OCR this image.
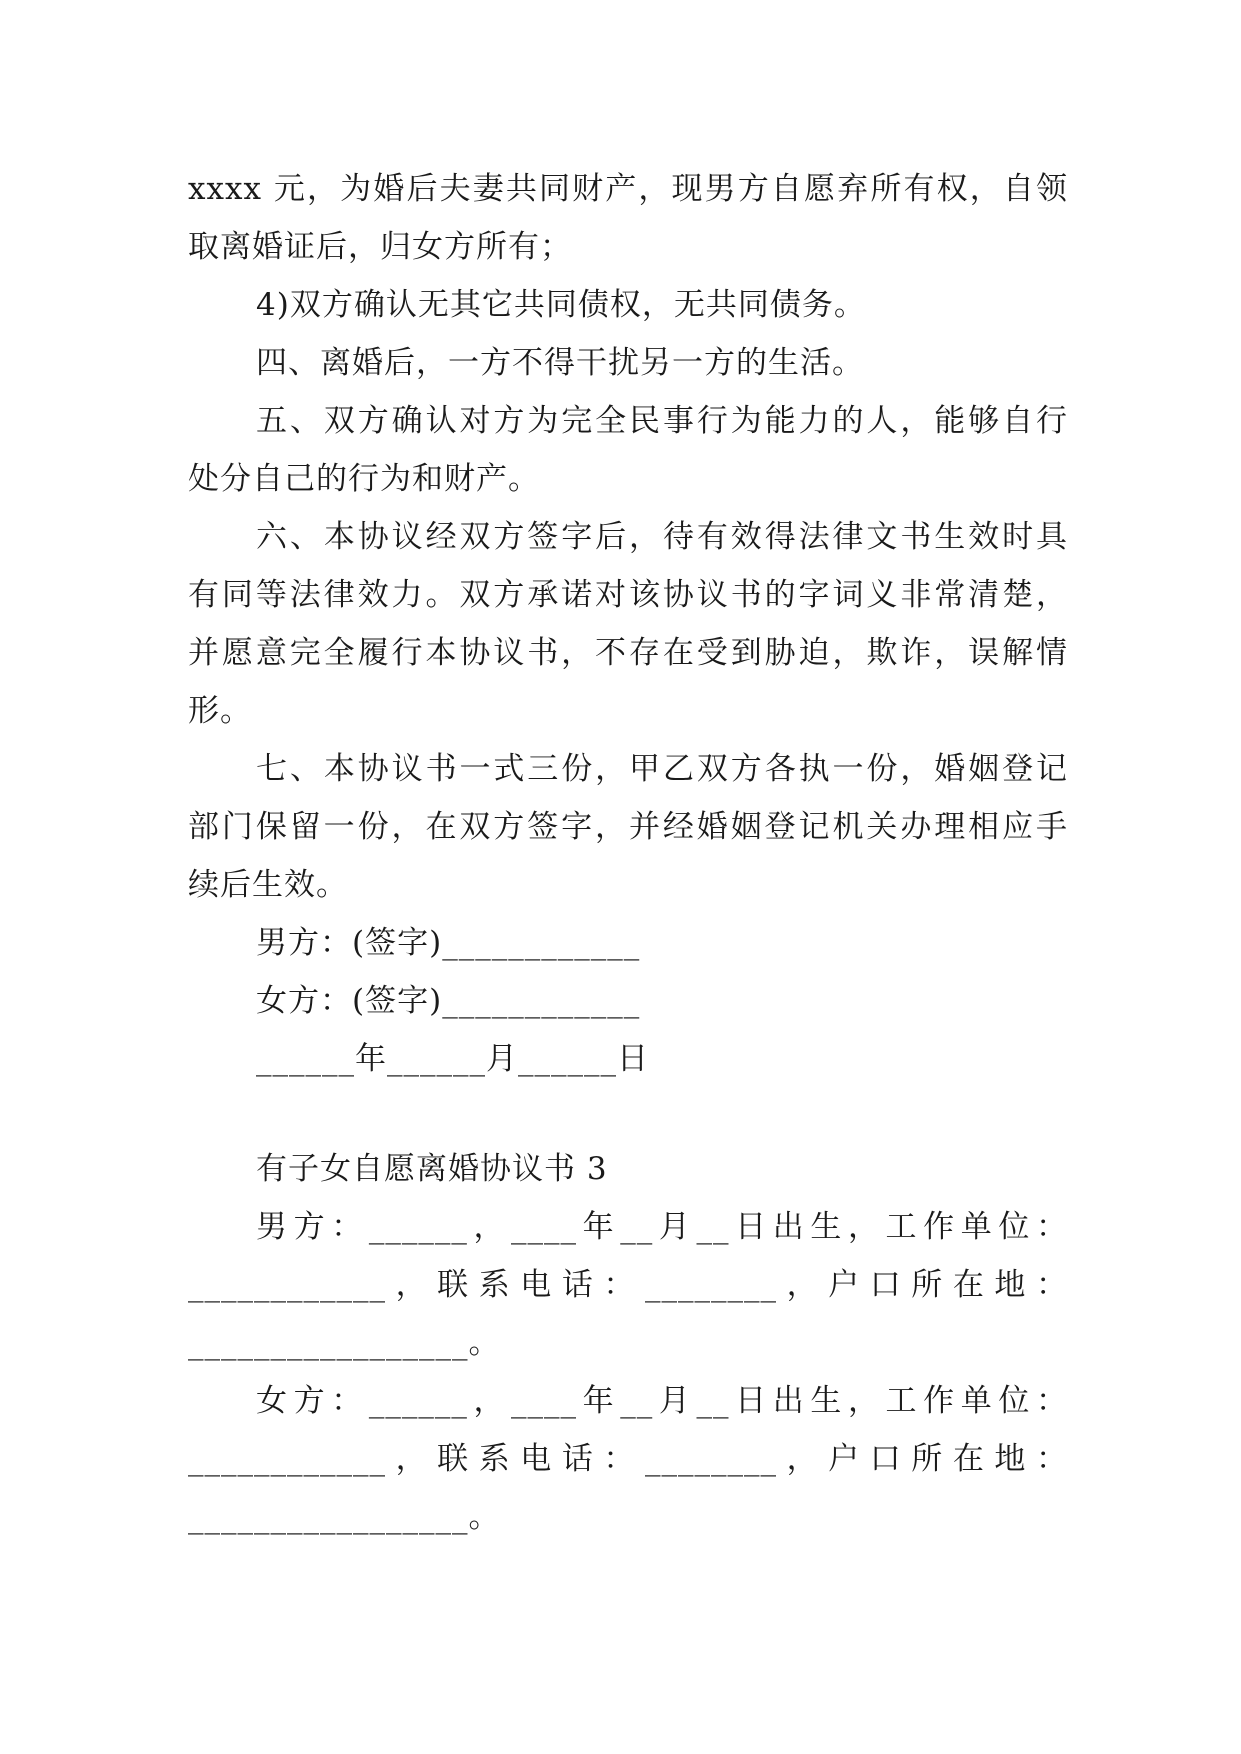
xxxx 元，为婚后夫妻共同财产，现男方自愿弃所有权，自领
取离婚证后，归女方所有；
4)双方确认无其它共同债权，无共同债务。
四、离婚后，一方不得干扰另一方的生活。
五、双方确认对方为完全民事行为能力的人，能够自行
处分自己的行为和财产。
六、本协议经双方签字后，待有效得法律文书生效时具
有同等法律效力。双方承诺对该协议书的字词义非常清楚，
并愿意完全履行本协议书，不存在受到胁迫，欺诈，误解情
形。
七、本协议书一式三份，甲乙双方各执一份，婚姻登记
部门保留一份，在双方签字，并经婚姻登记机关办理相应手
续后生效。
男方：(签字)____________
女方：(签字)____________
______年______月______日
有子女自愿离婚协议书 3
男方：______，____年__月__日出生，工作单位：
____________，联系电话：________，户口所在地：
_________________。
女方：______，____年__月__日出生，工作单位：
____________，联系电话：________，户口所在地：
_________________。
